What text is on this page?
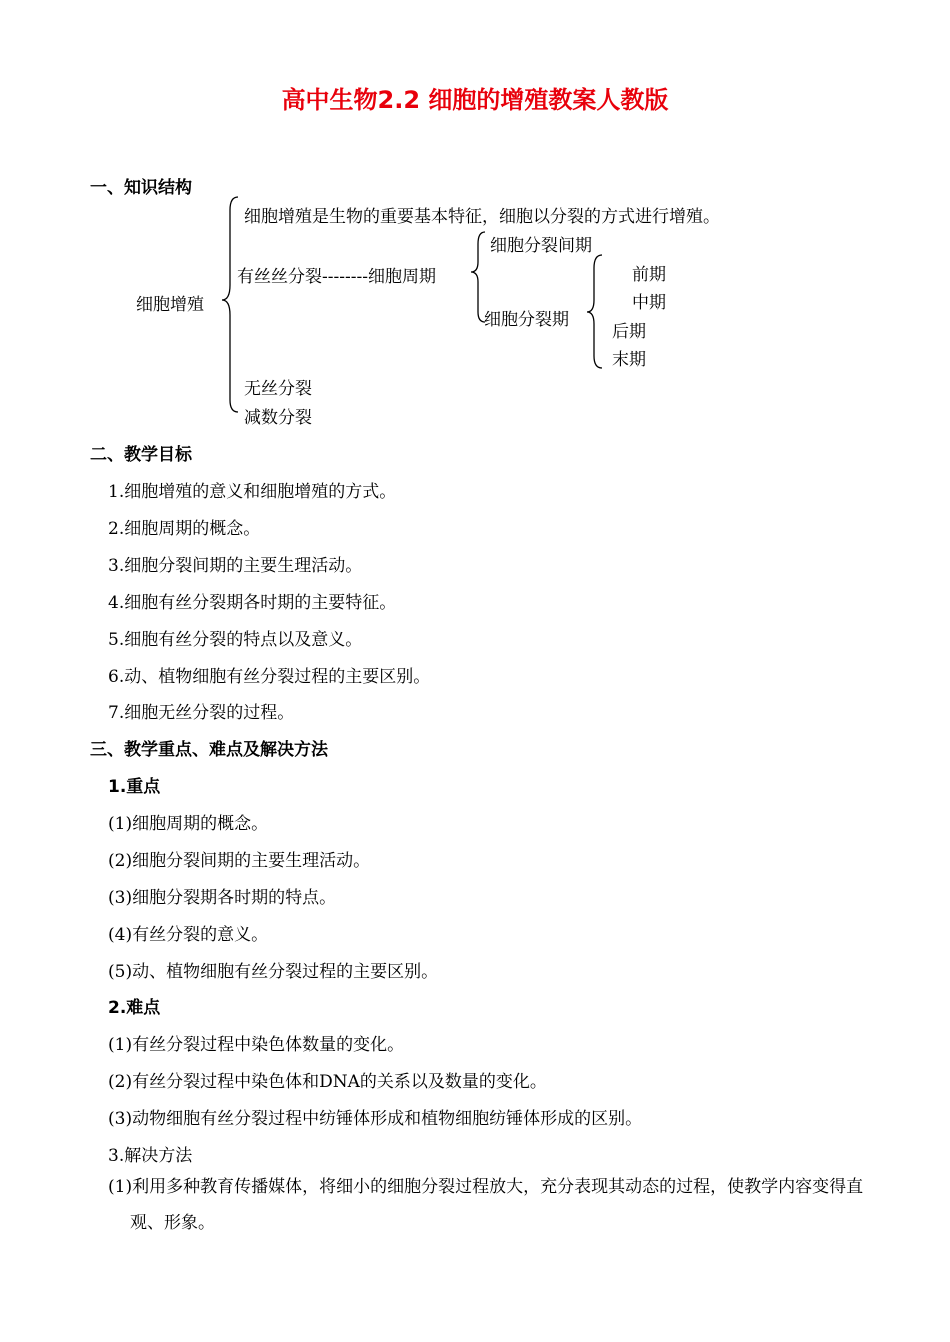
高中生物2.2 细胞的增殖教案人教版
一、知识结构
细胞增殖
细胞增殖是生物的重要基本特征，细胞以分裂的方式进行增殖。
有丝丝分裂--------细胞周期
细胞分裂间期
细胞分裂期
前期
中期
后期
末期
无丝分裂
减数分裂
二、教学目标
1.细胞增殖的意义和细胞增殖的方式。
2.细胞周期的概念。
3.细胞分裂间期的主要生理活动。
4.细胞有丝分裂期各时期的主要特征。
5.细胞有丝分裂的特点以及意义。
6.动、植物细胞有丝分裂过程的主要区别。
7.细胞无丝分裂的过程。
三、教学重点、难点及解决方法
1.重点
(1)细胞周期的概念。
(2)细胞分裂间期的主要生理活动。
(3)细胞分裂期各时期的特点。
(4)有丝分裂的意义。
(5)动、植物细胞有丝分裂过程的主要区别。
2.难点
(1)有丝分裂过程中染色体数量的变化。
(2)有丝分裂过程中染色体和DNA的关系以及数量的变化。
(3)动物细胞有丝分裂过程中纺锤体形成和植物细胞纺锤体形成的区别。
3.解决方法
(1)利用多种教育传播媒体，将细小的细胞分裂过程放大，充分表现其动态的过程，使教学内容变得直观、形象。
